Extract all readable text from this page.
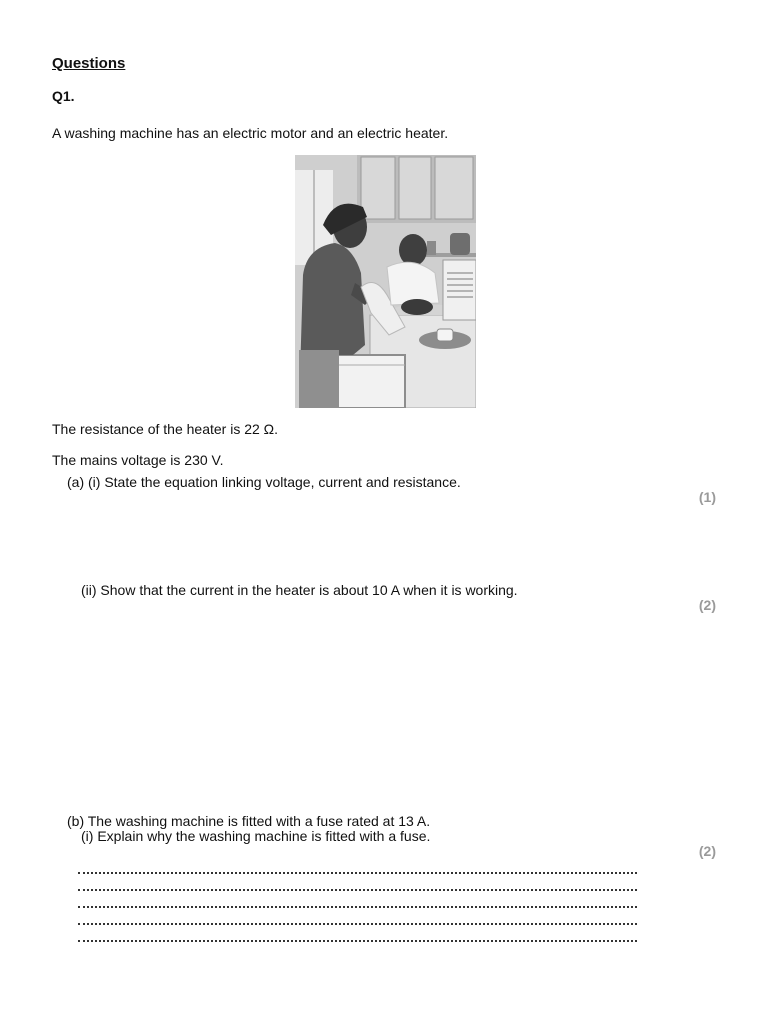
Questions
Q1.
A washing machine has an electric motor and an electric heater.
The resistance of the heater is 22 Ω.
The mains voltage is 230 V.
(a) (i) State the equation linking voltage, current and resistance.
(1)
(ii) Show that the current in the heater is about 10 A when it is working.
(2)
(b) The washing machine is fitted with a fuse rated at 13 A.
(i) Explain why the washing machine is fitted with a fuse.
(2)
